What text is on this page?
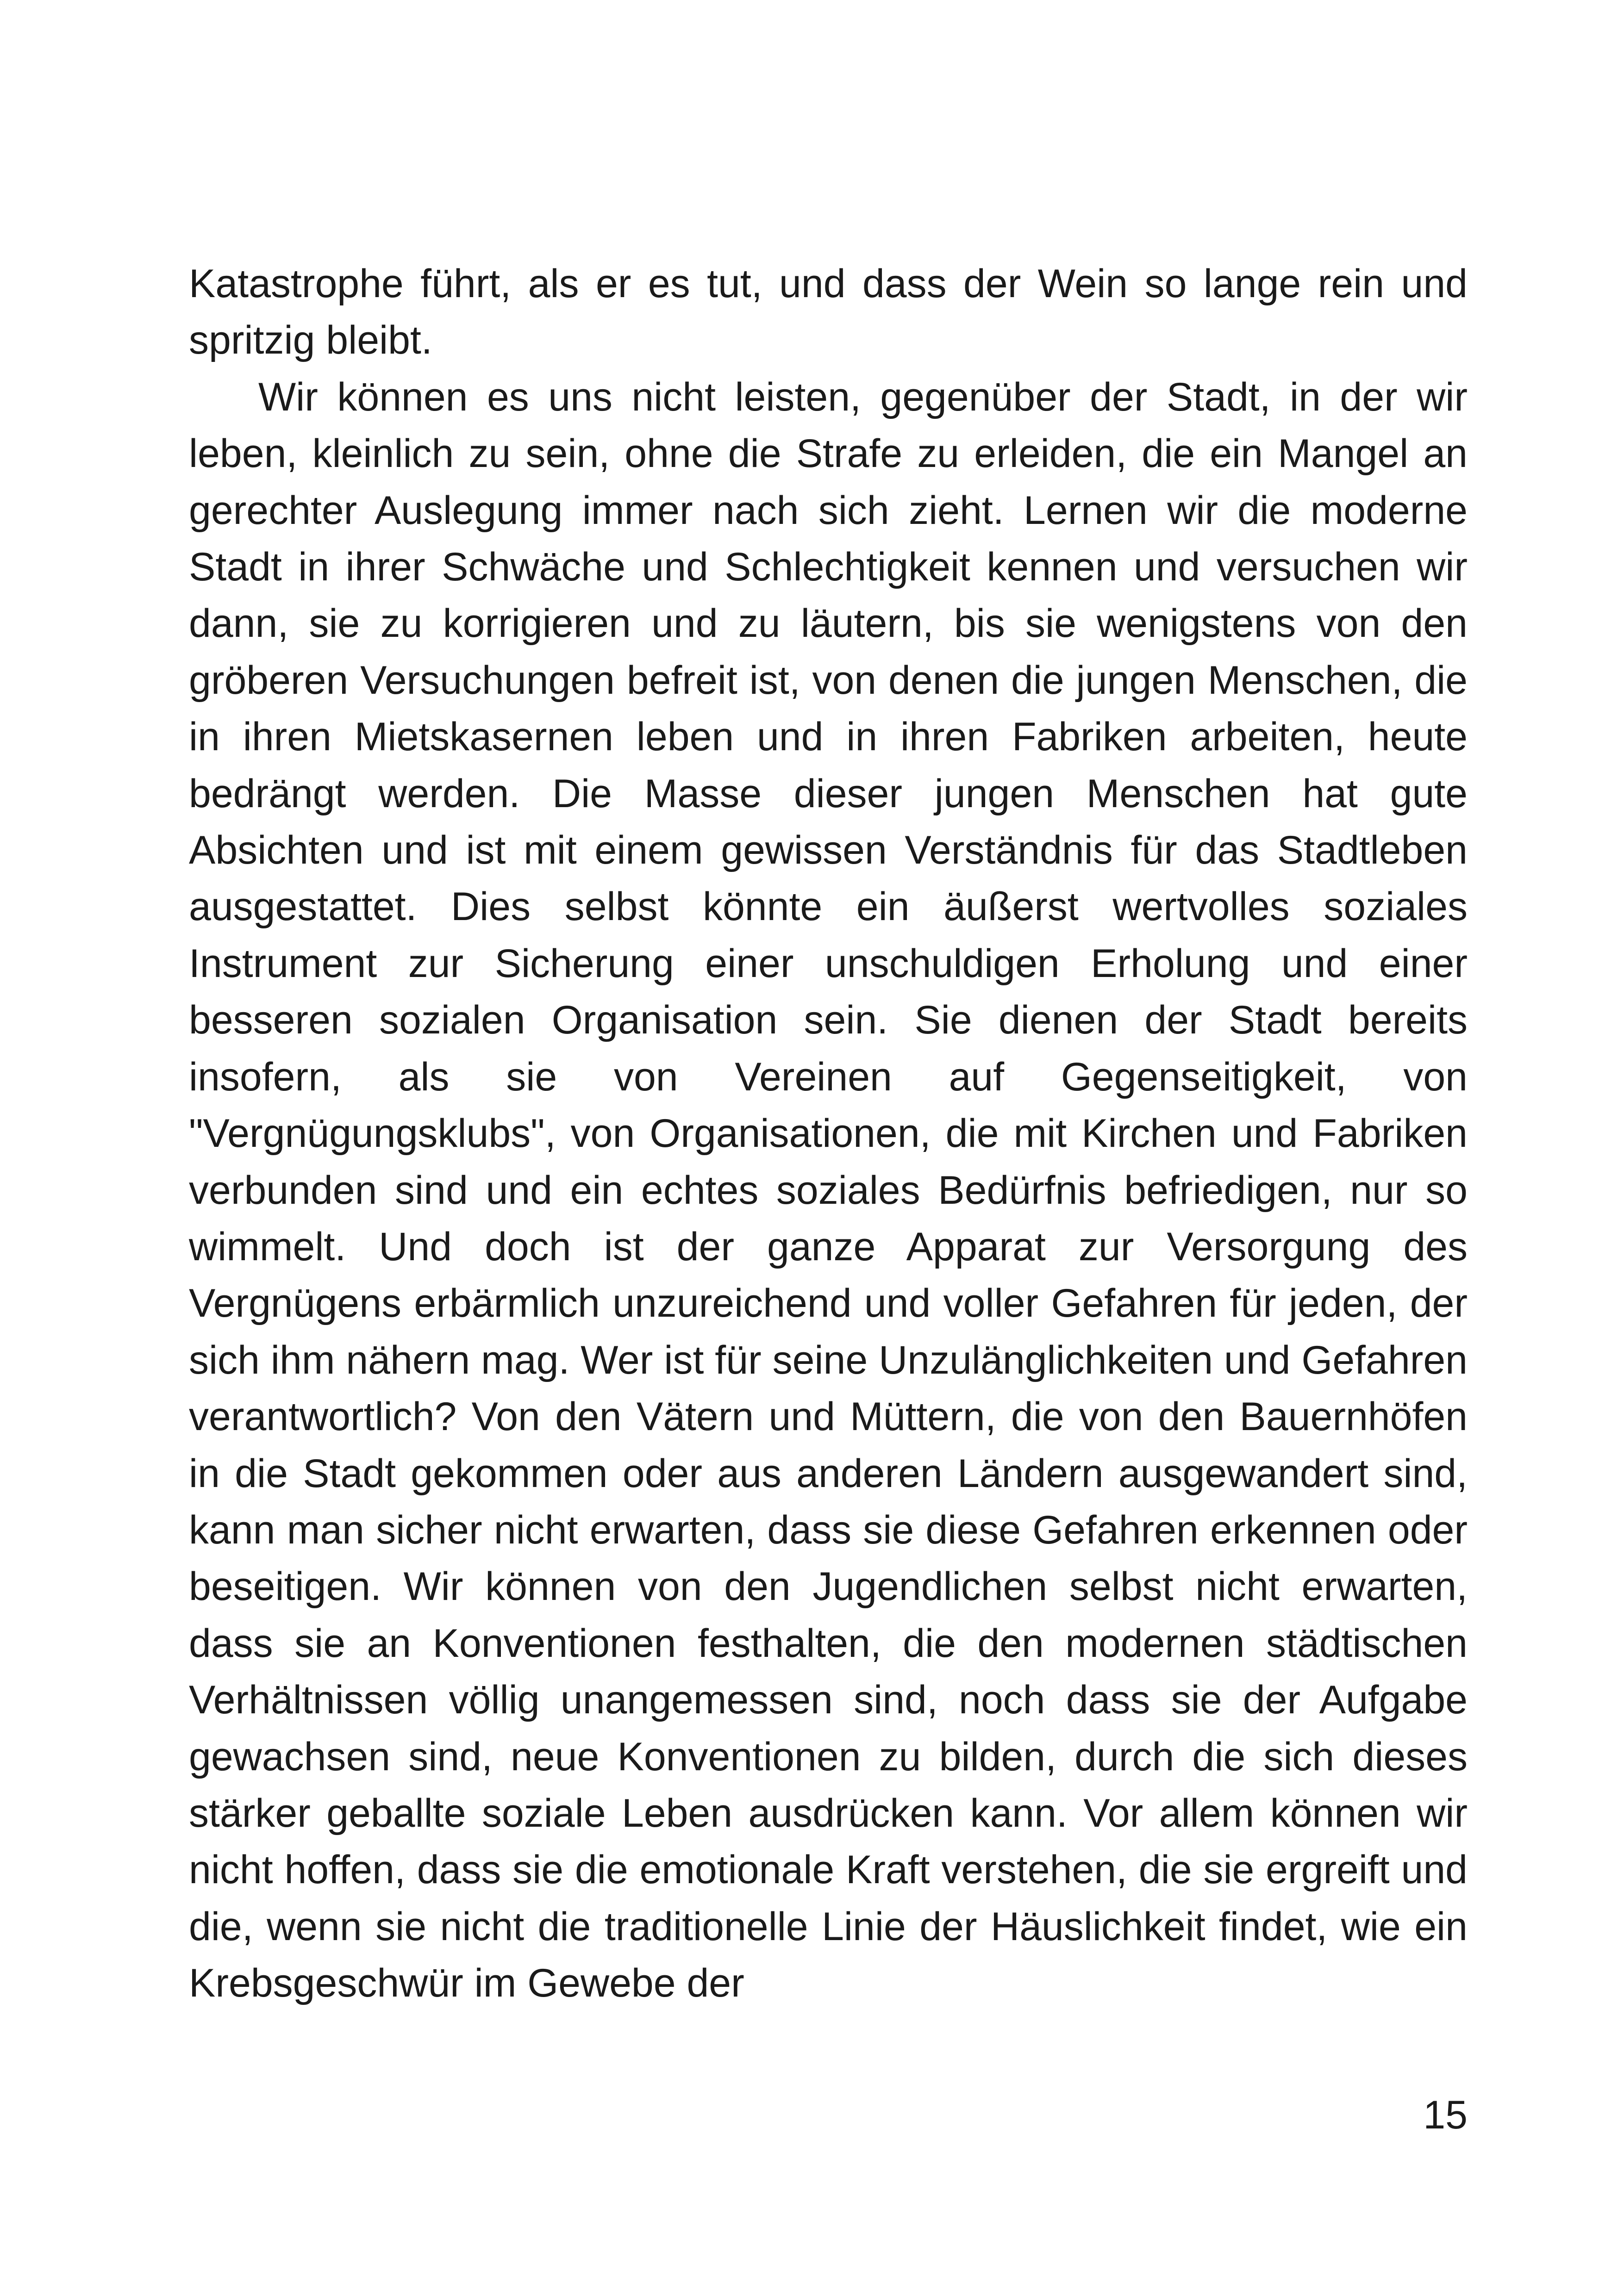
Katastrophe führt, als er es tut, und dass der Wein so lange rein und spritzig bleibt.

Wir können es uns nicht leisten, gegenüber der Stadt, in der wir leben, kleinlich zu sein, ohne die Strafe zu erleiden, die ein Mangel an gerechter Auslegung immer nach sich zieht. Lernen wir die moderne Stadt in ihrer Schwäche und Schlechtigkeit kennen und versuchen wir dann, sie zu korrigieren und zu läutern, bis sie wenigstens von den gröberen Versuchungen befreit ist, von denen die jungen Menschen, die in ihren Mietskasernen leben und in ihren Fabriken arbeiten, heute bedrängt werden. Die Masse dieser jungen Menschen hat gute Absichten und ist mit einem gewissen Verständnis für das Stadtleben ausgestattet. Dies selbst könnte ein äußerst wertvolles soziales Instrument zur Sicherung einer unschuldigen Erholung und einer besseren sozialen Organisation sein. Sie dienen der Stadt bereits insofern, als sie von Vereinen auf Gegenseitigkeit, von "Vergnügungsklubs", von Organisationen, die mit Kirchen und Fabriken verbunden sind und ein echtes soziales Bedürfnis befriedigen, nur so wimmelt. Und doch ist der ganze Apparat zur Versorgung des Vergnügens erbärmlich unzureichend und voller Gefahren für jeden, der sich ihm nähern mag. Wer ist für seine Unzulänglichkeiten und Gefahren verantwortlich? Von den Vätern und Müttern, die von den Bauernhöfen in die Stadt gekommen oder aus anderen Ländern ausgewandert sind, kann man sicher nicht erwarten, dass sie diese Gefahren erkennen oder beseitigen. Wir können von den Jugendlichen selbst nicht erwarten, dass sie an Konventionen festhalten, die den modernen städtischen Verhältnissen völlig unangemessen sind, noch dass sie der Aufgabe gewachsen sind, neue Konventionen zu bilden, durch die sich dieses stärker geballte soziale Leben ausdrücken kann. Vor allem können wir nicht hoffen, dass sie die emotionale Kraft verstehen, die sie ergreift und die, wenn sie nicht die traditionelle Linie der Häuslichkeit findet, wie ein Krebsgeschwür im Gewebe der

15
